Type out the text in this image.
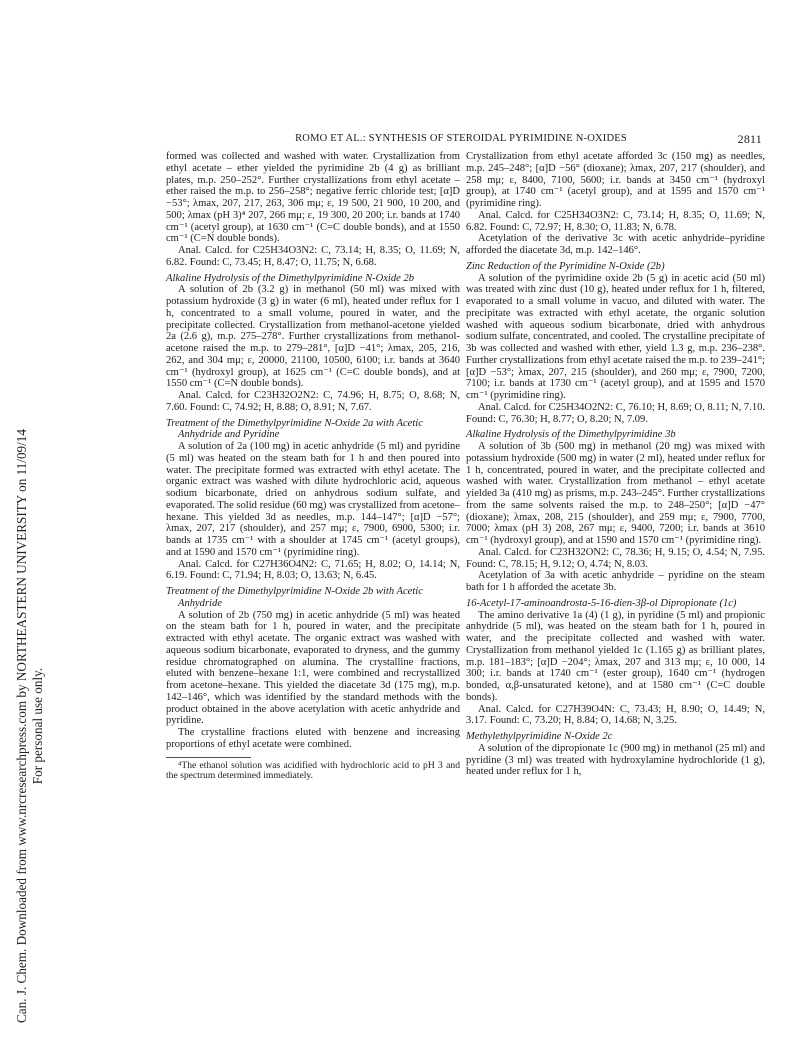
Can. J. Chem. Downloaded from www.nrcresearchpress.com by NORTHEASTERN UNIVERSITY on 11/09/14 For personal use only.
ROMO ET AL.: SYNTHESIS OF STEROIDAL PYRIMIDINE N-OXIDES	2811

formed was collected and washed with water. Crystallization from ethyl acetate – ether yielded the pyrimidine 2b (4 g) as brilliant plates, m.p. 250–252°. Further crystallizations from ethyl acetate – ether raised the m.p. to 256–258°; negative ferric chloride test; [α]D −53°; λmax, 207, 217, 263, 306 mμ; ε, 19 500, 21 900, 10 200, and 500; λmax (pH 3)⁴ 207, 266 mμ; ε, 19 300, 20 200; i.r. bands at 1740 cm⁻¹ (acetyl group), at 1630 cm⁻¹ (C=C double bonds), and at 1550 cm⁻¹ (C=N double bonds).

Anal. Calcd. for C25H34O3N2: C, 73.14; H, 8.35; O, 11.69; N, 6.82. Found: C, 73.45; H, 8.47; O, 11.75; N, 6.68.

Alkaline Hydrolysis of the Dimethylpyrimidine N-Oxide 2b

A solution of 2b (3.2 g) in methanol (50 ml) was mixed with potassium hydroxide (3 g) in water (6 ml), heated under reflux for 1 h, concentrated to a small volume, poured in water, and the precipitate collected. Crystallization from methanol-acetone yielded 2a (2.6 g), m.p. 275–278°. Further crystallizations from methanol-acetone raised the m.p. to 279–281°, [α]D −41°; λmax, 205, 216, 262, and 304 mμ; ε, 20000, 21100, 10500, 6100; i.r. bands at 3640 cm⁻¹ (hydroxyl group), at 1625 cm⁻¹ (C=C double bonds), and at 1550 cm⁻¹ (C=N double bonds).

Anal. Calcd. for C23H32O2N2: C, 74.96; H, 8.75; O, 8.68; N, 7.60. Found: C, 74.92; H, 8.88; O, 8.91; N, 7.67.

Treatment of the Dimethylpyrimidine N-Oxide 2a with Acetic Anhydride and Pyridine

A solution of 2a (100 mg) in acetic anhydride (5 ml) and pyridine (5 ml) was heated on the steam bath for 1 h and then poured into water. The precipitate formed was extracted with ethyl acetate. The organic extract was washed with dilute hydrochloric acid, aqueous sodium bicarbonate, dried on anhydrous sodium sulfate, and evaporated. The solid residue (60 mg) was crystallized from acetone–hexane. This yielded 3d as needles, m.p. 144–147°; [α]D −57°; λmax, 207, 217 (shoulder), and 257 mμ; ε, 7900, 6900, 5300; i.r. bands at 1735 cm⁻¹ with a shoulder at 1745 cm⁻¹ (acetyl groups), and at 1590 and 1570 cm⁻¹ (pyrimidine ring).

Anal. Calcd. for C27H36O4N2: C, 71.65; H, 8.02; O, 14.14; N, 6.19. Found: C, 71.94; H, 8.03; O, 13.63; N, 6.45.

Treatment of the Dimethylpyrimidine N-Oxide 2b with Acetic Anhydride

A solution of 2b (750 mg) in acetic anhydride (5 ml) was heated on the steam bath for 1 h, poured in water, and the precipitate extracted with ethyl acetate. The organic extract was washed with aqueous sodium bicarbonate, evaporated to dryness, and the gummy residue chromatographed on alumina. The crystalline fractions, eluted with benzene–hexane 1:1, were combined and recrystallized from acetone–hexane. This yielded the diacetate 3d (175 mg), m.p. 142–146°, which was identified by the standard methods with the product obtained in the above acetylation with acetic anhydride and pyridine.

The crystalline fractions eluted with benzene and increasing proportions of ethyl acetate were combined.

⁴The ethanol solution was acidified with hydrochloric acid to pH 3 and the spectrum determined immediately.

Crystallization from ethyl acetate afforded 3c (150 mg) as needles, m.p. 245–248°; [α]D −56° (dioxane); λmax, 207, 217 (shoulder), and 258 mμ; ε, 8400, 7100, 5600; i.r. bands at 3450 cm⁻¹ (hydroxyl group), at 1740 cm⁻¹ (acetyl group), and at 1595 and 1570 cm⁻¹ (pyrimidine ring).

Anal. Calcd. for C25H34O3N2: C, 73.14; H, 8.35; O, 11.69; N, 6.82. Found: C, 72.97; H, 8.30; O, 11.83; N, 6.78.

Acetylation of the derivative 3c with acetic anhydride–pyridine afforded the diacetate 3d, m.p. 142–146°.

Zinc Reduction of the Pyrimidine N-Oxide (2b)

A solution of the pyrimidine oxide 2b (5 g) in acetic acid (50 ml) was treated with zinc dust (10 g), heated under reflux for 1 h, filtered, evaporated to a small volume in vacuo, and diluted with water. The precipitate was extracted with ethyl acetate, the organic solution washed with aqueous sodium bicarbonate, dried with anhydrous sodium sulfate, concentrated, and cooled. The crystalline precipitate of 3b was collected and washed with ether, yield 1.3 g, m.p. 236–238°. Further crystallizations from ethyl acetate raised the m.p. to 239–241°; [α]D −53°; λmax, 207, 215 (shoulder), and 260 mμ; ε, 7900, 7200, 7100; i.r. bands at 1730 cm⁻¹ (acetyl group), and at 1595 and 1570 cm⁻¹ (pyrimidine ring).

Anal. Calcd. for C25H34O2N2: C, 76.10; H, 8.69; O, 8.11; N, 7.10. Found: C, 76.30; H, 8.77; O, 8.20; N, 7.09.

Alkaline Hydrolysis of the Dimethylpyrimidine 3b

A solution of 3b (500 mg) in methanol (20 mg) was mixed with potassium hydroxide (500 mg) in water (2 ml), heated under reflux for 1 h, concentrated, poured in water, and the precipitate collected and washed with water. Crystallization from methanol – ethyl acetate yielded 3a (410 mg) as prisms, m.p. 243–245°. Further crystallizations from the same solvents raised the m.p. to 248–250°; [α]D −47° (dioxane); λmax, 208, 215 (shoulder), and 259 mμ; ε, 7900, 7700, 7000; λmax (pH 3) 208, 267 mμ; ε, 9400, 7200; i.r. bands at 3610 cm⁻¹ (hydroxyl group), and at 1590 and 1570 cm⁻¹ (pyrimidine ring).

Anal. Calcd. for C23H32ON2: C, 78.36; H, 9.15; O, 4.54; N, 7.95. Found: C, 78.15; H, 9.12; O, 4.74; N, 8.03.

Acetylation of 3a with acetic anhydride – pyridine on the steam bath for 1 h afforded the acetate 3b.

16-Acetyl-17-aminoandrosta-5-16-dien-3β-ol Dipropionate (1c)

The amino derivative 1a (4) (1 g), in pyridine (5 ml) and propionic anhydride (5 ml), was heated on the steam bath for 1 h, poured in water, and the precipitate collected and washed with water. Crystallization from methanol yielded 1c (1.165 g) as brilliant plates, m.p. 181–183°; [α]D −204°; λmax, 207 and 313 mμ; ε, 10 000, 14 300; i.r. bands at 1740 cm⁻¹ (ester group), 1640 cm⁻¹ (hydrogen bonded, α,β-unsaturated ketone), and at 1580 cm⁻¹ (C=C double bonds).

Anal. Calcd. for C27H39O4N: C, 73.43; H, 8.90; O, 14.49; N, 3.17. Found: C, 73.20; H, 8.84; O, 14.68; N, 3.25.

Methylethylpyrimidine N-Oxide 2c

A solution of the dipropionate 1c (900 mg) in methanol (25 ml) and pyridine (3 ml) was treated with hydroxylamine hydrochloride (1 g), heated under reflux for 1 h,
